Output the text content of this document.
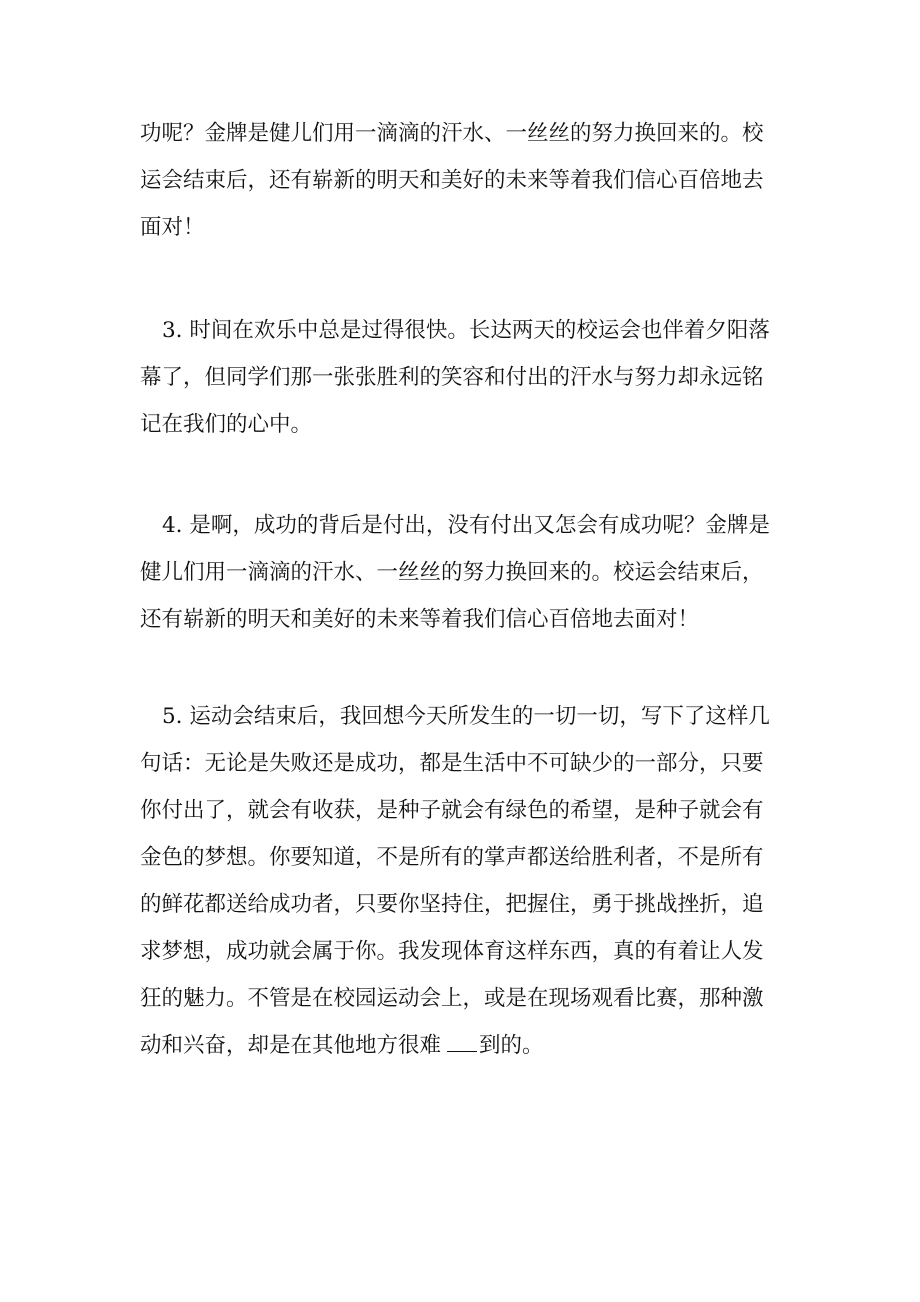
功呢？金牌是健儿们用一滴滴的汗水、一丝丝的努力换回来的。校
运会结束后，还有崭新的明天和美好的未来等着我们信心百倍地去
面对！

3. 时间在欢乐中总是过得很快。长达两天的校运会也伴着夕阳落
幕了，但同学们那一张张胜利的笑容和付出的汗水与努力却永远铭
记在我们的心中。

4. 是啊，成功的背后是付出，没有付出又怎会有成功呢？金牌是
健儿们用一滴滴的汗水、一丝丝的努力换回来的。校运会结束后，
还有崭新的明天和美好的未来等着我们信心百倍地去面对！

5. 运动会结束后，我回想今天所发生的一切一切，写下了这样几
句话：无论是失败还是成功，都是生活中不可缺少的一部分，只要
你付出了，就会有收获，是种子就会有绿色的希望，是种子就会有
金色的梦想。你要知道，不是所有的掌声都送给胜利者，不是所有
的鲜花都送给成功者，只要你坚持住，把握住，勇于挑战挫折，追
求梦想，成功就会属于你。我发现体育这样东西，真的有着让人发
狂的魅力。不管是在校园运动会上，或是在现场观看比赛，那种激
动和兴奋，却是在其他地方很难 到的。
